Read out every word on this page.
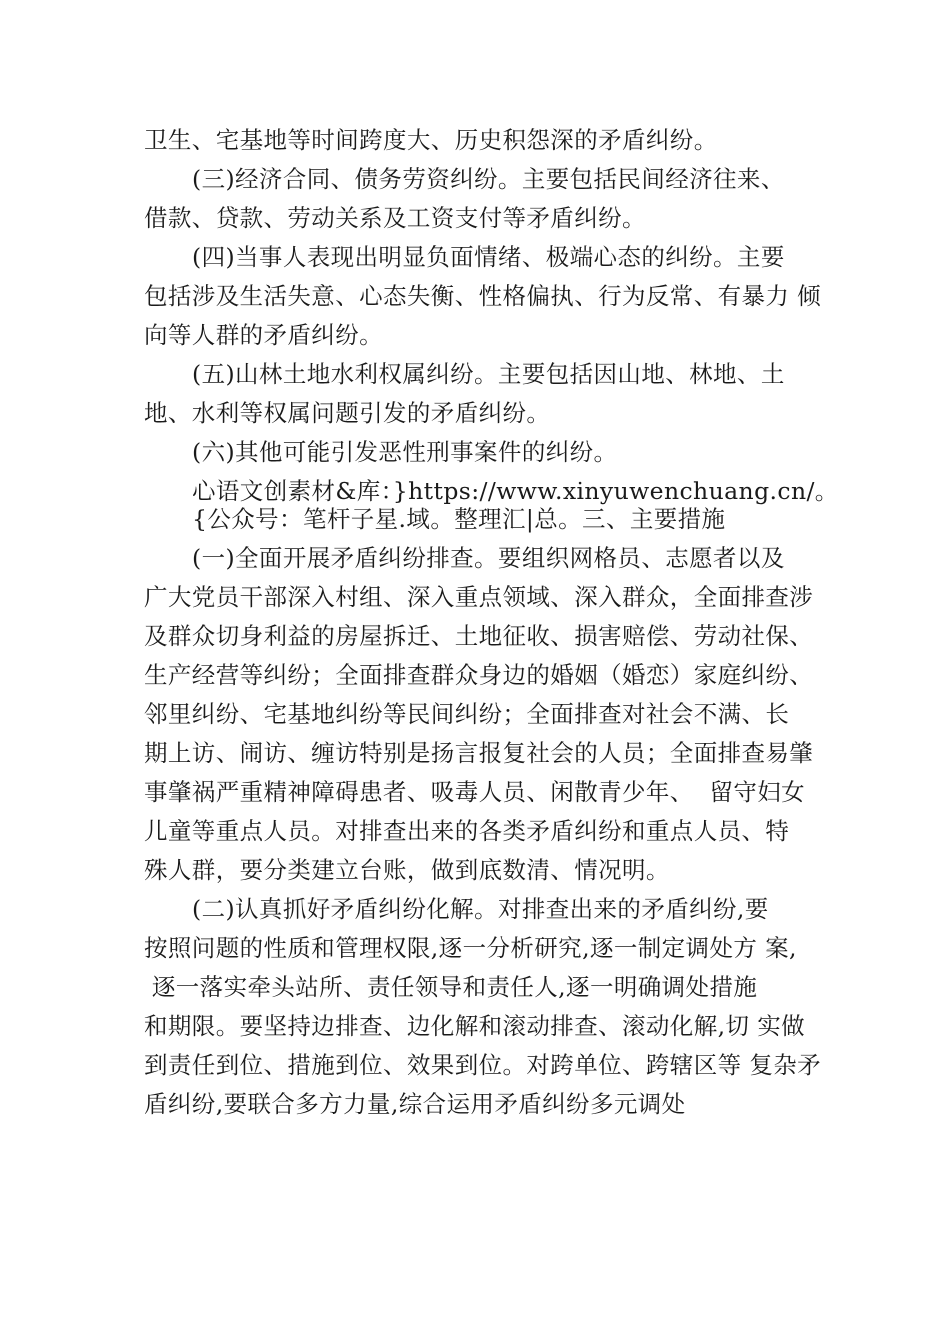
卫生、宅基地等时间跨度大、历史积怨深的矛盾纠纷。
(三)经济合同、债务劳资纠纷。主要包括民间经济往来、
借款、贷款、劳动关系及工资支付等矛盾纠纷。
(四)当事人表现出明显负面情绪、极端心态的纠纷。主要
包括涉及生活失意、心态失衡、性格偏执、行为反常、有暴力 倾
向等人群的矛盾纠纷。
(五)山林土地水利权属纠纷。主要包括因山地、林地、土
地、水利等权属问题引发的矛盾纠纷。
(六)其他可能引发恶性刑事案件的纠纷。
心语文创素材&库：}https://www.xinyuwenchuang.cn/。
{公众号：笔杆子星.域。整理汇|总。三、主要措施
(一)全面开展矛盾纠纷排查。要组织网格员、志愿者以及
广大党员干部深入村组、深入重点领域、深入群众，全面排查涉
及群众切身利益的房屋拆迁、土地征收、损害赔偿、劳动社保、
生产经营等纠纷；全面排查群众身边的婚姻（婚恋）家庭纠纷、
邻里纠纷、宅基地纠纷等民间纠纷；全面排查对社会不满、长
期上访、闹访、缠访特别是扬言报复社会的人员；全面排查易肇
事肇祸严重精神障碍患者、吸毒人员、闲散青少年、  留守妇女
儿童等重点人员。对排查出来的各类矛盾纠纷和重点人员、特
殊人群，要分类建立台账，做到底数清、情况明。
(二)认真抓好矛盾纠纷化解。对排查出来的矛盾纠纷,要
按照问题的性质和管理权限,逐一分析研究,逐一制定调处方 案,
逐一落实牵头站所、责任领导和责任人,逐一明确调处措施
和期限。要坚持边排查、边化解和滚动排查、滚动化解,切 实做
到责任到位、措施到位、效果到位。对跨单位、跨辖区等 复杂矛
盾纠纷,要联合多方力量,综合运用矛盾纠纷多元调处
